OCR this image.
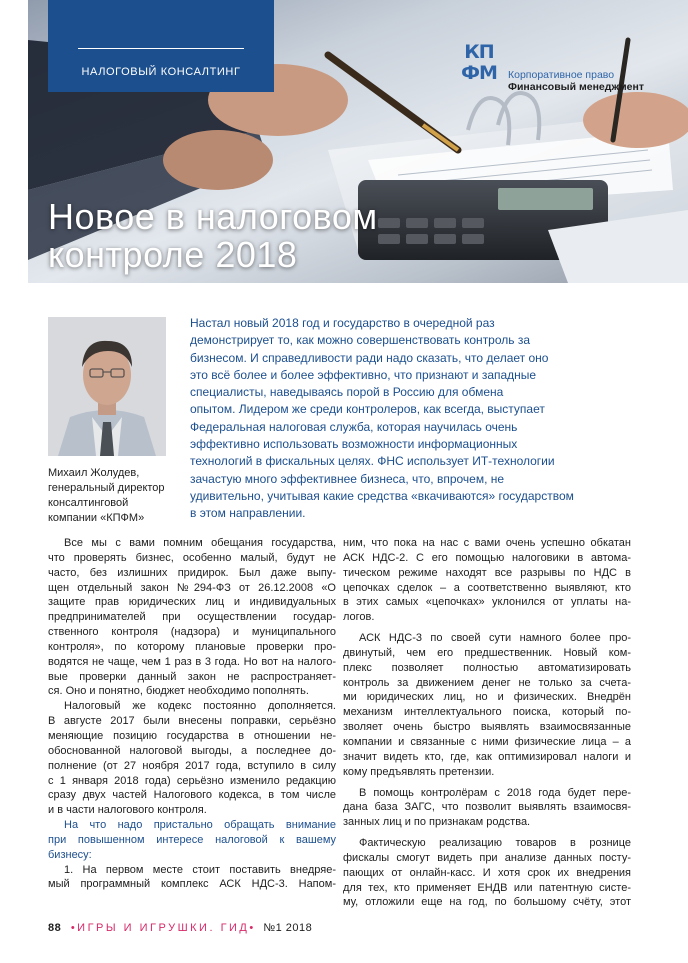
НАЛОГОВЫЙ КОНСАЛТИНГ
КП
ФМ	Корпоративное право
Финансовый менеджмент
Новое в налоговом
контроле 2018
Михаил Жолудев,
генеральный директор
консалтинговой
компании «КПФМ»

Настал новый 2018 год и государство в очередной раз
демонстрирует то, как можно совершенствовать контроль за
бизнесом. И справедливости ради надо сказать, что делает оно
это всё более и более эффективно, что признают и западные
специалисты, наведываясь порой в Россию для обмена
опытом. Лидером же среди контролеров, как всегда, выступает
Федеральная налоговая служба, которая научилась очень
эффективно использовать возможности информационных
технологий в фискальных целях. ФНС использует ИТ-технологии
зачастую много эффективнее бизнеса, что, впрочем, не
удивительно, учитывая какие средства «вкачиваются» государством
в этом направлении.

Все мы с вами помним обещания государства,
что проверять бизнес, особенно малый, будут не
часто, без излишних придирок. Был даже выпу-
щен отдельный закон №294-ФЗ от 26.12.2008 «О
защите прав юридических лиц и индивидуальных
предпринимателей при осуществлении государ-
ственного контроля (надзора) и муниципального
контроля», по которому плановые проверки про-
водятся не чаще, чем 1 раз в 3 года. Но вот на налого-
вые проверки данный закон не распространяет-
ся. Оно и понятно, бюджет необходимо пополнять.
Налоговый же кодекс постоянно дополняется.
В августе 2017 были внесены поправки, серьёзно
меняющие позицию государства в отношении не-
обоснованной налоговой выгоды, а последнее до-
полнение (от 27 ноября 2017 года, вступило в силу
с 1 января 2018 года) серьёзно изменило редакцию
сразу двух частей Налогового кодекса, в том числе
и в части налогового контроля.
На что надо пристально обращать внимание
при повышенном интересе налоговой к вашему
бизнесу:
1. На первом месте стоит поставить внедряе-
мый программный комплекс АСК НДС-3. Напом-
ним, что пока на нас с вами очень успешно обкатан
АСК НДС-2. С его помощью налоговики в автома-
тическом режиме находят все разрывы по НДС в
цепочках сделок – а соответственно выявляют, кто
в этих самых «цепочках» уклонился от уплаты на-
логов.
АСК НДС-3 по своей сути намного более про-
двинутый, чем его предшественник. Новый ком-
плекс позволяет полностью автоматизировать
контроль за движением денег не только за счета-
ми юридических лиц, но и физических. Внедрён
механизм интеллектуального поиска, который по-
зволяет очень быстро выявлять взаимосвязанные
компании и связанные с ними физические лица – а
значит видеть кто, где, как оптимизировал налоги и
кому предъявлять претензии.
В помощь контролёрам с 2018 года будет пере-
дана база ЗАГС, что позволит выявлять взаимосвя-
занных лиц и по признакам родства.
Фактическую реализацию товаров в рознице
фискалы смогут видеть при анализе данных посту-
пающих от онлайн-касс. И хотя срок их внедрения
для тех, кто применяет ЕНДВ или патентную систе-
му, отложили еще на год, по большому счёту, этот
88 •ИГРЫ И ИГРУШКИ. ГИД• №1 2018
